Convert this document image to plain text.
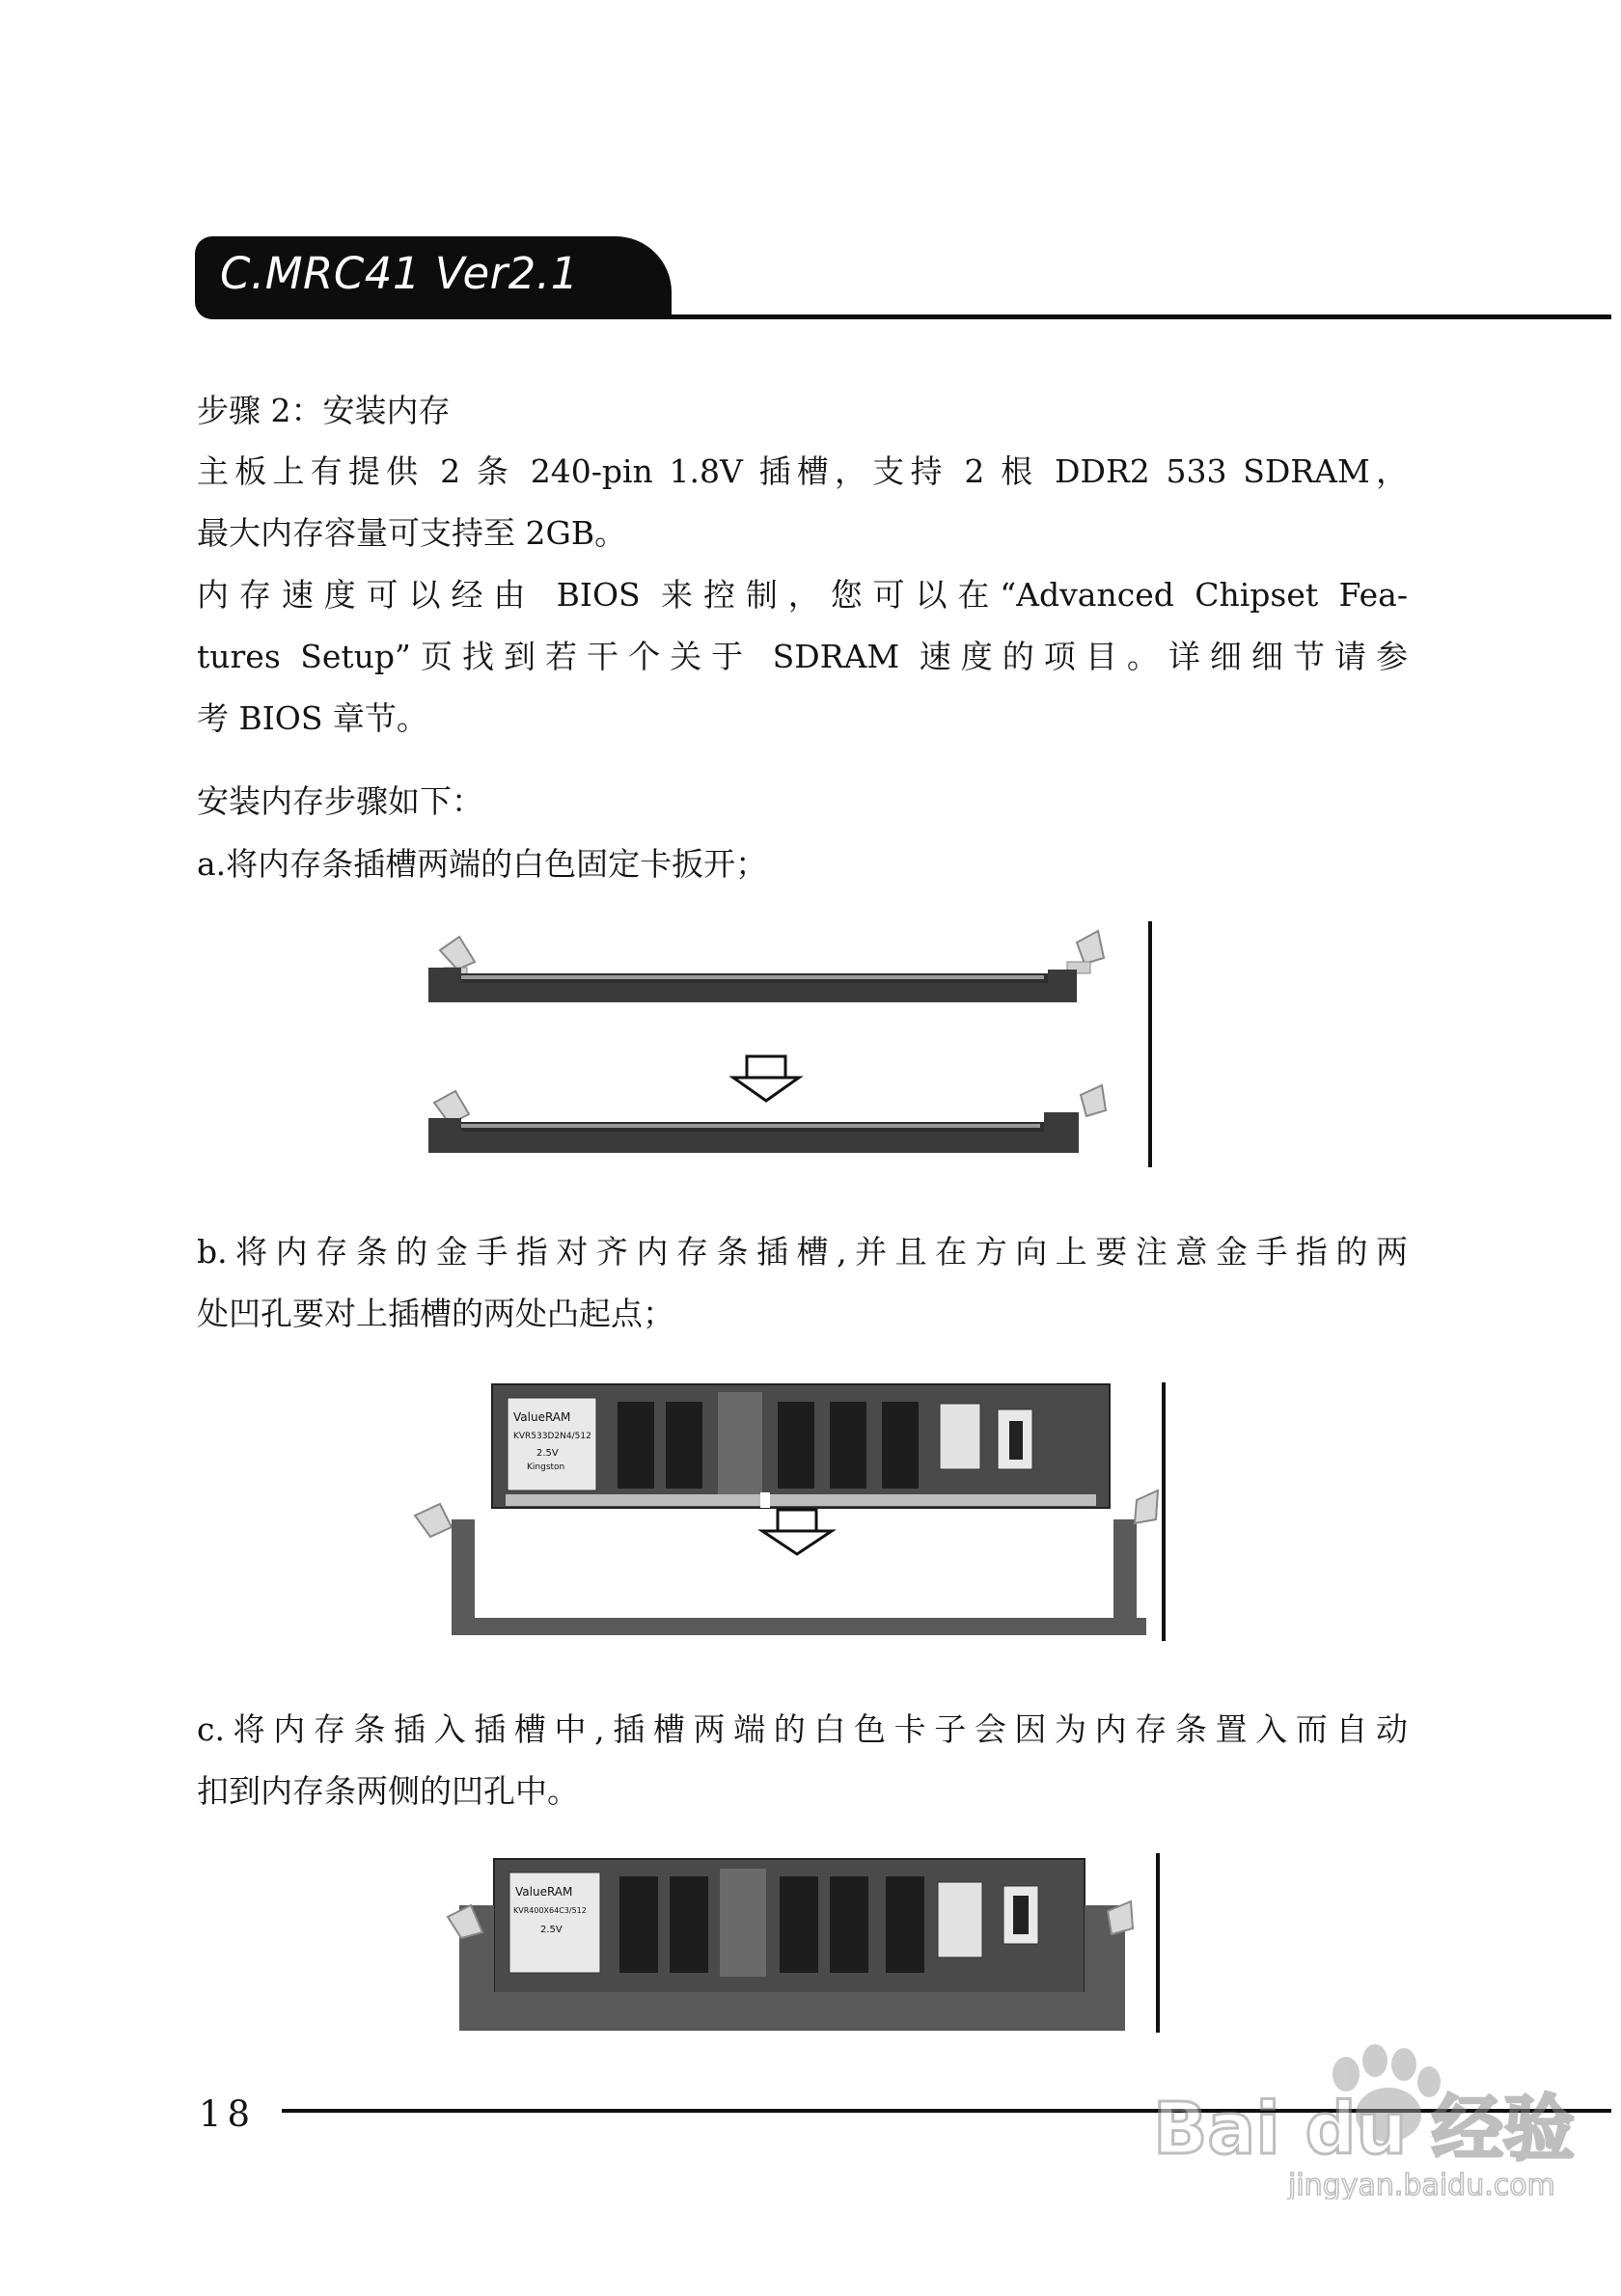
C.MRC41 Ver2.1

步骤 2：安装内存

主板上有提供 2 条 240-pin 1.8V 插槽，支持 2 根 DDR2 533 SDRAM，
最大内存容量可支持至 2GB。

内存速度可以经由 BIOS 来控制，您可以在“Advanced Chipset Fea-
tures Setup”页找到若干个关于 SDRAM 速度的项目。详细细节请参
考 BIOS 章节。

安装内存步骤如下：

a.将内存条插槽两端的白色固定卡扳开；

b.将内存条的金手指对齐内存条插槽,并且在方向上要注意金手指的两
处凹孔要对上插槽的两处凸起点；

ValueRAM
KVR533D2N4/512
2.5V
Kingston

c.将内存条插入插槽中,插槽两端的白色卡子会因为内存条置入而自动
扣到内存条两侧的凹孔中。

ValueRAM
KVR400X64C3/512
2.5V
18	Bai du 经验
jingyan.baidu.com
